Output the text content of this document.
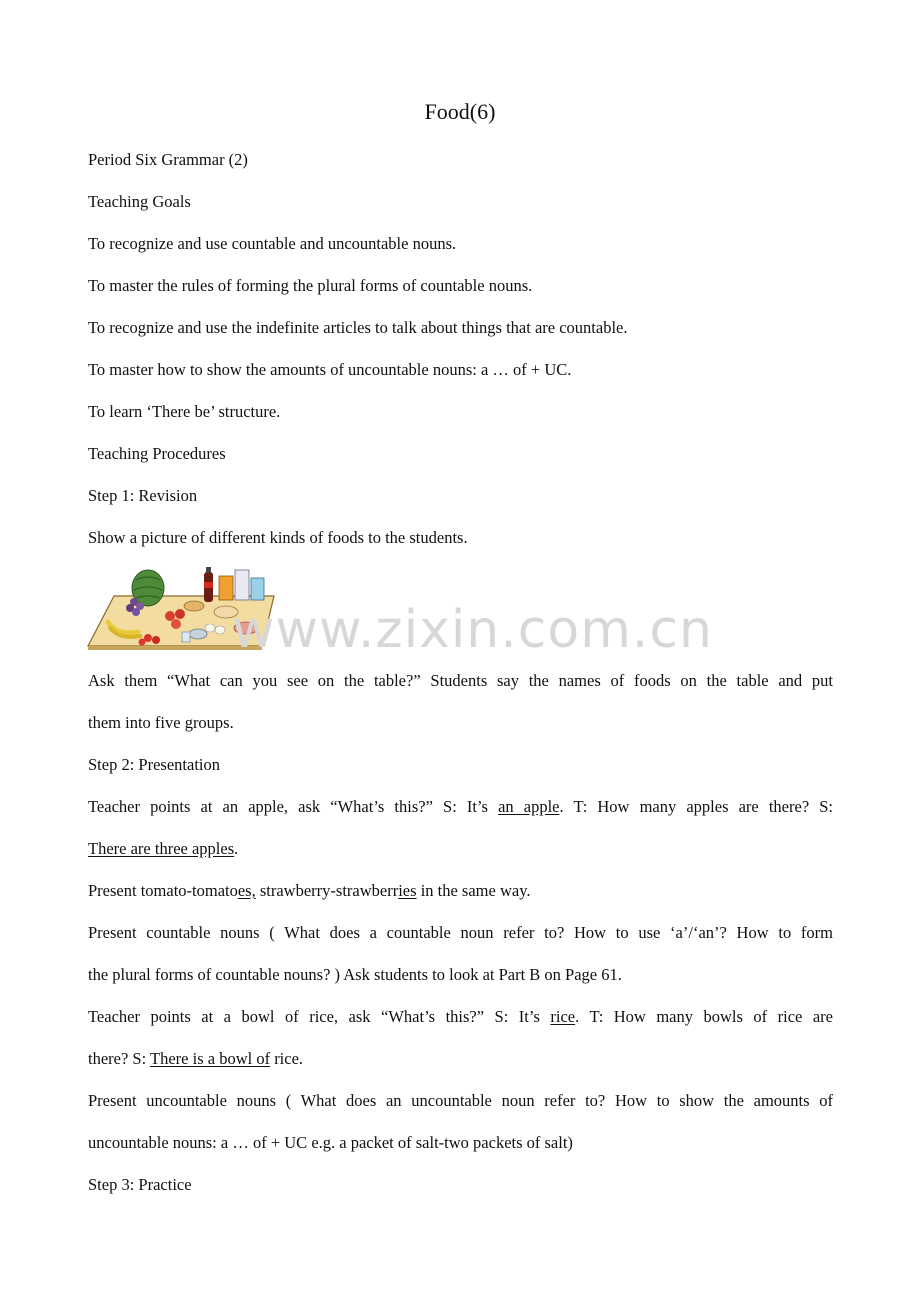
Food(6)
Period Six Grammar (2)
Teaching Goals
To recognize and use countable and uncountable nouns.
To master the rules of forming the plural forms of countable nouns.
To recognize and use the indefinite articles to talk about things that are countable.
To master how to show the amounts of uncountable nouns: a … of + UC.
To learn ‘There be’ structure.
Teaching Procedures
Step 1: Revision
Show a picture of different kinds of foods to the students.
www.zixin.com.cn
Ask them “What can you see on the table?” Students say the names of foods on the table and put
them into five groups.
Step 2: Presentation
Teacher points at an apple, ask “What’s this?” S: It’s an apple. T: How many apples are there? S:
There are three apples.
Present tomato-tomatoes, strawberry-strawberries in the same way.
Present countable nouns ( What does a countable noun refer to? How to use ‘a’/‘an’? How to form
the plural forms of countable nouns? ) Ask students to look at Part B on Page 61.
Teacher points at a bowl of rice, ask “What’s this?” S: It’s rice. T: How many bowls of rice are
there? S: There is a bowl of rice.
Present uncountable nouns ( What does an uncountable noun refer to? How to show the amounts of
uncountable nouns: a … of + UC e.g. a packet of salt-two packets of salt)
Step 3: Practice
